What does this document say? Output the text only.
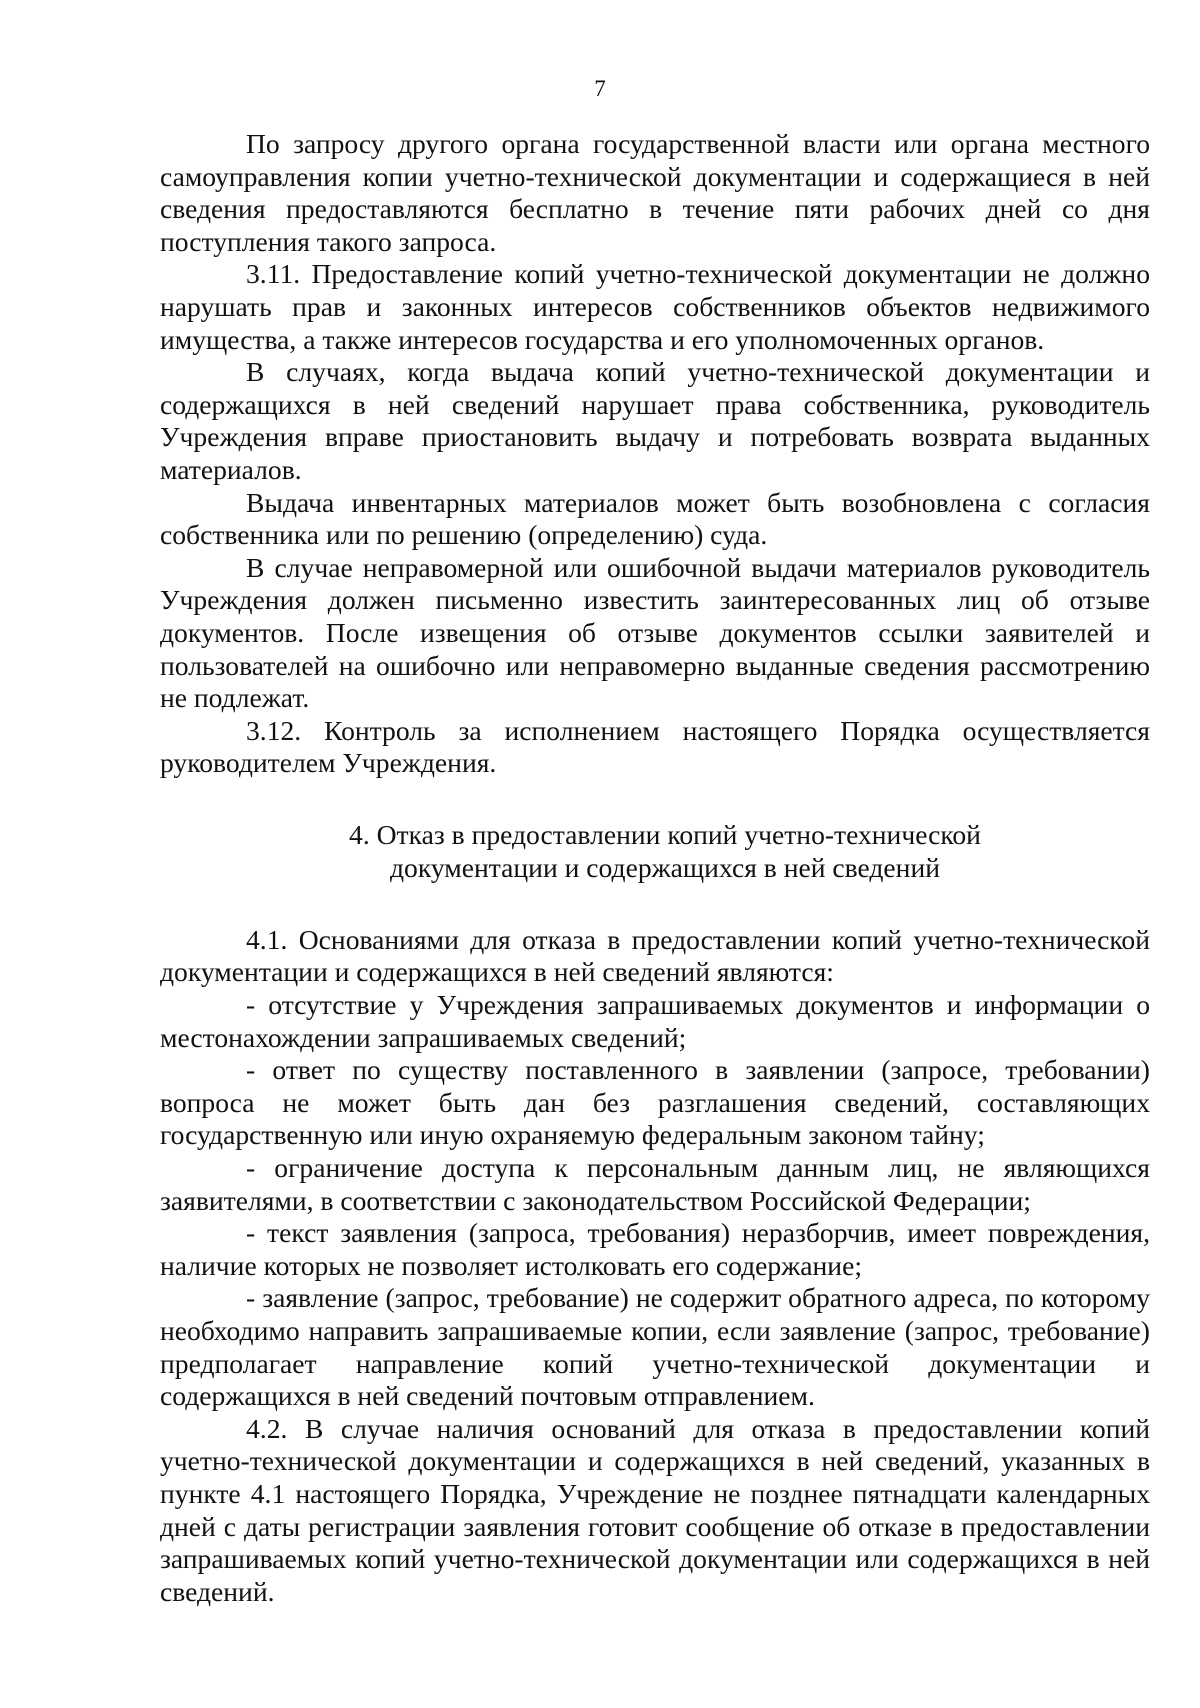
7

По запросу другого органа государственной власти или органа местного самоуправления копии учетно-технической документации и содержащиеся в ней сведения предоставляются бесплатно в течение пяти рабочих дней со дня поступления такого запроса.

3.11. Предоставление копий учетно-технической документации не должно нарушать прав и законных интересов собственников объектов недвижимого имущества, а также интересов государства и его уполномоченных органов.

В случаях, когда выдача копий учетно-технической документации и содержащихся в ней сведений нарушает права собственника, руководитель Учреждения вправе приостановить выдачу и потребовать возврата выданных материалов.

Выдача инвентарных материалов может быть возобновлена с согласия собственника или по решению (определению) суда.

В случае неправомерной или ошибочной выдачи материалов руководитель Учреждения должен письменно известить заинтересованных лиц об отзыве документов. После извещения об отзыве документов ссылки заявителей и пользователей на ошибочно или неправомерно выданные сведения рассмотрению не подлежат.

3.12. Контроль за исполнением настоящего Порядка осуществляется руководителем Учреждения.

4. Отказ в предоставлении копий учетно-технической
документации и содержащихся в ней сведений

4.1. Основаниями для отказа в предоставлении копий учетно-технической документации и содержащихся в ней сведений являются:

- отсутствие у Учреждения запрашиваемых документов и информации о местонахождении запрашиваемых сведений;

- ответ по существу поставленного в заявлении (запросе, требовании) вопроса не может быть дан без разглашения сведений, составляющих государственную или иную охраняемую федеральным законом тайну;

- ограничение доступа к персональным данным лиц, не являющихся заявителями, в соответствии с законодательством Российской Федерации;

- текст заявления (запроса, требования) неразборчив, имеет повреждения, наличие которых не позволяет истолковать его содержание;

- заявление (запрос, требование) не содержит обратного адреса, по которому необходимо направить запрашиваемые копии, если заявление (запрос, требование) предполагает направление копий учетно-технической документации и содержащихся в ней сведений почтовым отправлением.

4.2. В случае наличия оснований для отказа в предоставлении копий учетно-технической документации и содержащихся в ней сведений, указанных в пункте 4.1 настоящего Порядка, Учреждение не позднее пятнадцати календарных дней с даты регистрации заявления готовит сообщение об отказе в предоставлении запрашиваемых копий учетно-технической документации или содержащихся в ней сведений.
